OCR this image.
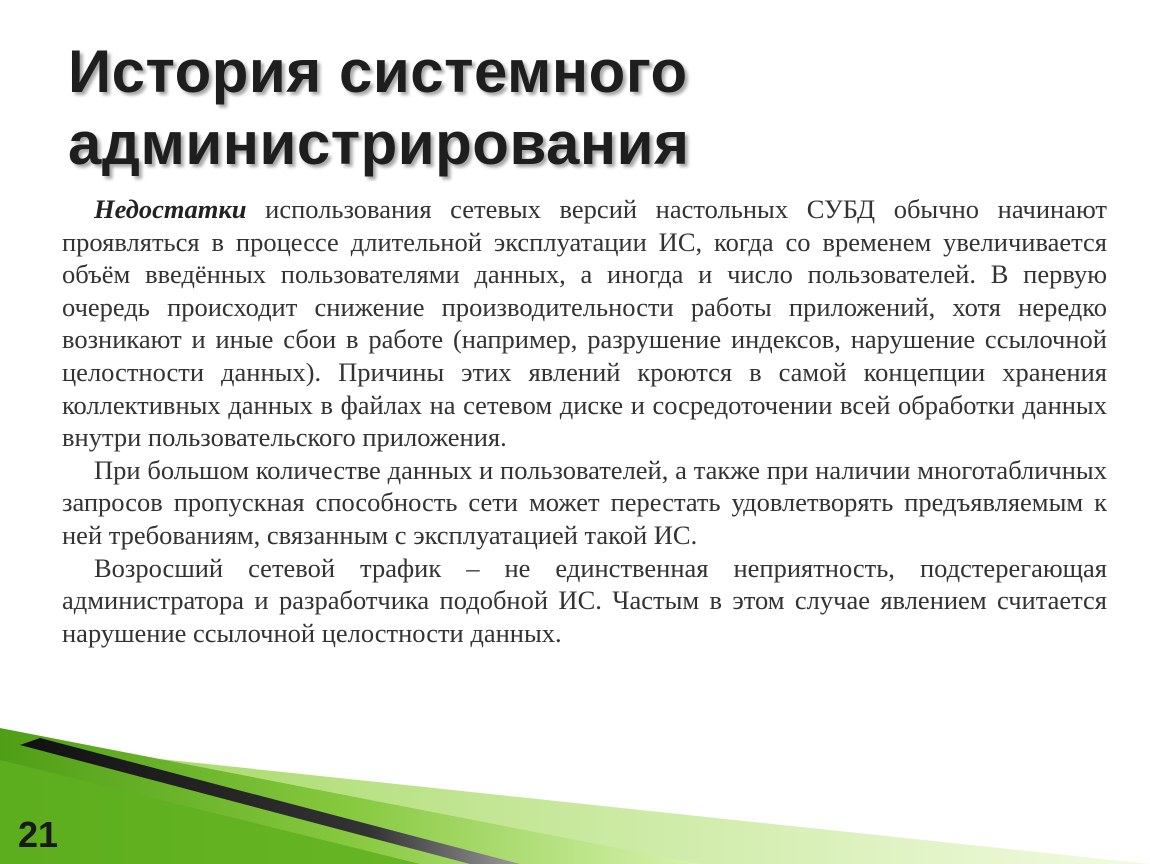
История системного
администрирования

Недостатки использования сетевых версий настольных СУБД обычно начинают проявляться в процессе длительной эксплуатации ИС, когда со временем увеличивается объём введённых пользователями данных, а иногда и число пользователей. В первую очередь происходит снижение производительности работы приложений, хотя нередко возникают и иные сбои в работе (например, разрушение индексов, нарушение ссылочной целостности данных). Причины этих явлений кроются в самой концепции хранения коллективных данных в файлах на сетевом диске и сосредоточении всей обработки данных внутри пользовательского приложения.

При большом количестве данных и пользователей, а также при наличии многотабличных запросов пропускная способность сети может перестать удовлетворять предъявляемым к ней требованиям, связанным с эксплуатацией такой ИС.

Возросший сетевой трафик – не единственная неприятность, подстерегающая администратора и разработчика подобной ИС. Частым в этом случае явлением считается нарушение ссылочной целостности данных.

21
